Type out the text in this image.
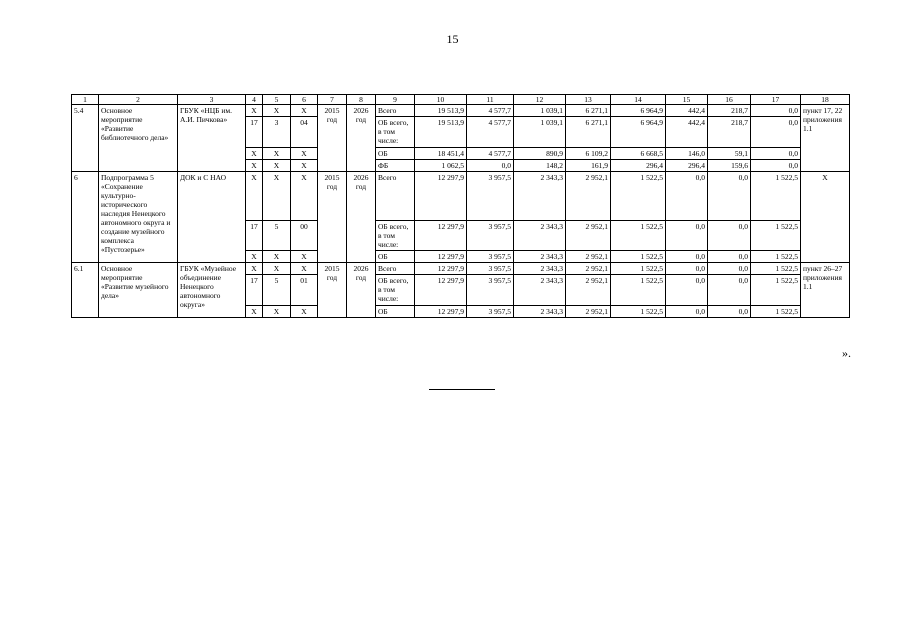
15
1	2	3	4	5	6	7	8	9	10	11	12	13	14	15	16	17	18
5.4	Основное мероприятие «Развитие библиотечного дела»	ГБУК «НЦБ им. А.И. Пичкова»	X	X	X	2015 год	2026 год	Всего	19 513,9	4 577,7	1 039,1	6 271,1	6 964,9	442,4	218,7	0,0	пункт 17, 22 приложения 1.1
			17	3	04			ОБ всего, в том числе:	19 513,9	4 577,7	1 039,1	6 271,1	6 964,9	442,4	218,7	0,0	
			X	X	X			ОБ	18 451,4	4 577,7	890,9	6 109,2	6 668,5	146,0	59,1	0,0	
			X	X	X			ФБ	1 062,5	0,0	148,2	161,9	296,4	296,4	159,6	0,0	
6	Подпрограмма 5 «Сохранение культурно-исторического наследия Ненецкого автономного округа и создание музейного комплекса «Пустозерье»	ДОК и С НАО	X	X	X	2015 год	2026 год	Всего	12 297,9	3 957,5	2 343,3	2 952,1	1 522,5	0,0	0,0	1 522,5	X
			17	5	00			ОБ всего, в том числе:	12 297,9	3 957,5	2 343,3	2 952,1	1 522,5	0,0	0,0	1 522,5	
			X	X	X			ОБ	12 297,9	3 957,5	2 343,3	2 952,1	1 522,5	0,0	0,0	1 522,5	
6.1	Основное мероприятие «Развитие музейного дела»	ГБУК «Музейное объединение Ненецкого автономного округа»	X	X	X	2015 год	2026 год	Всего	12 297,9	3 957,5	2 343,3	2 952,1	1 522,5	0,0	0,0	1 522,5	пункт 26–27 приложения 1.1
			17	5	01			ОБ всего, в том числе:	12 297,9	3 957,5	2 343,3	2 952,1	1 522,5	0,0	0,0	1 522,5	
			X	X	X			ОБ	12 297,9	3 957,5	2 343,3	2 952,1	1 522,5	0,0	0,0	1 522,5	
».
